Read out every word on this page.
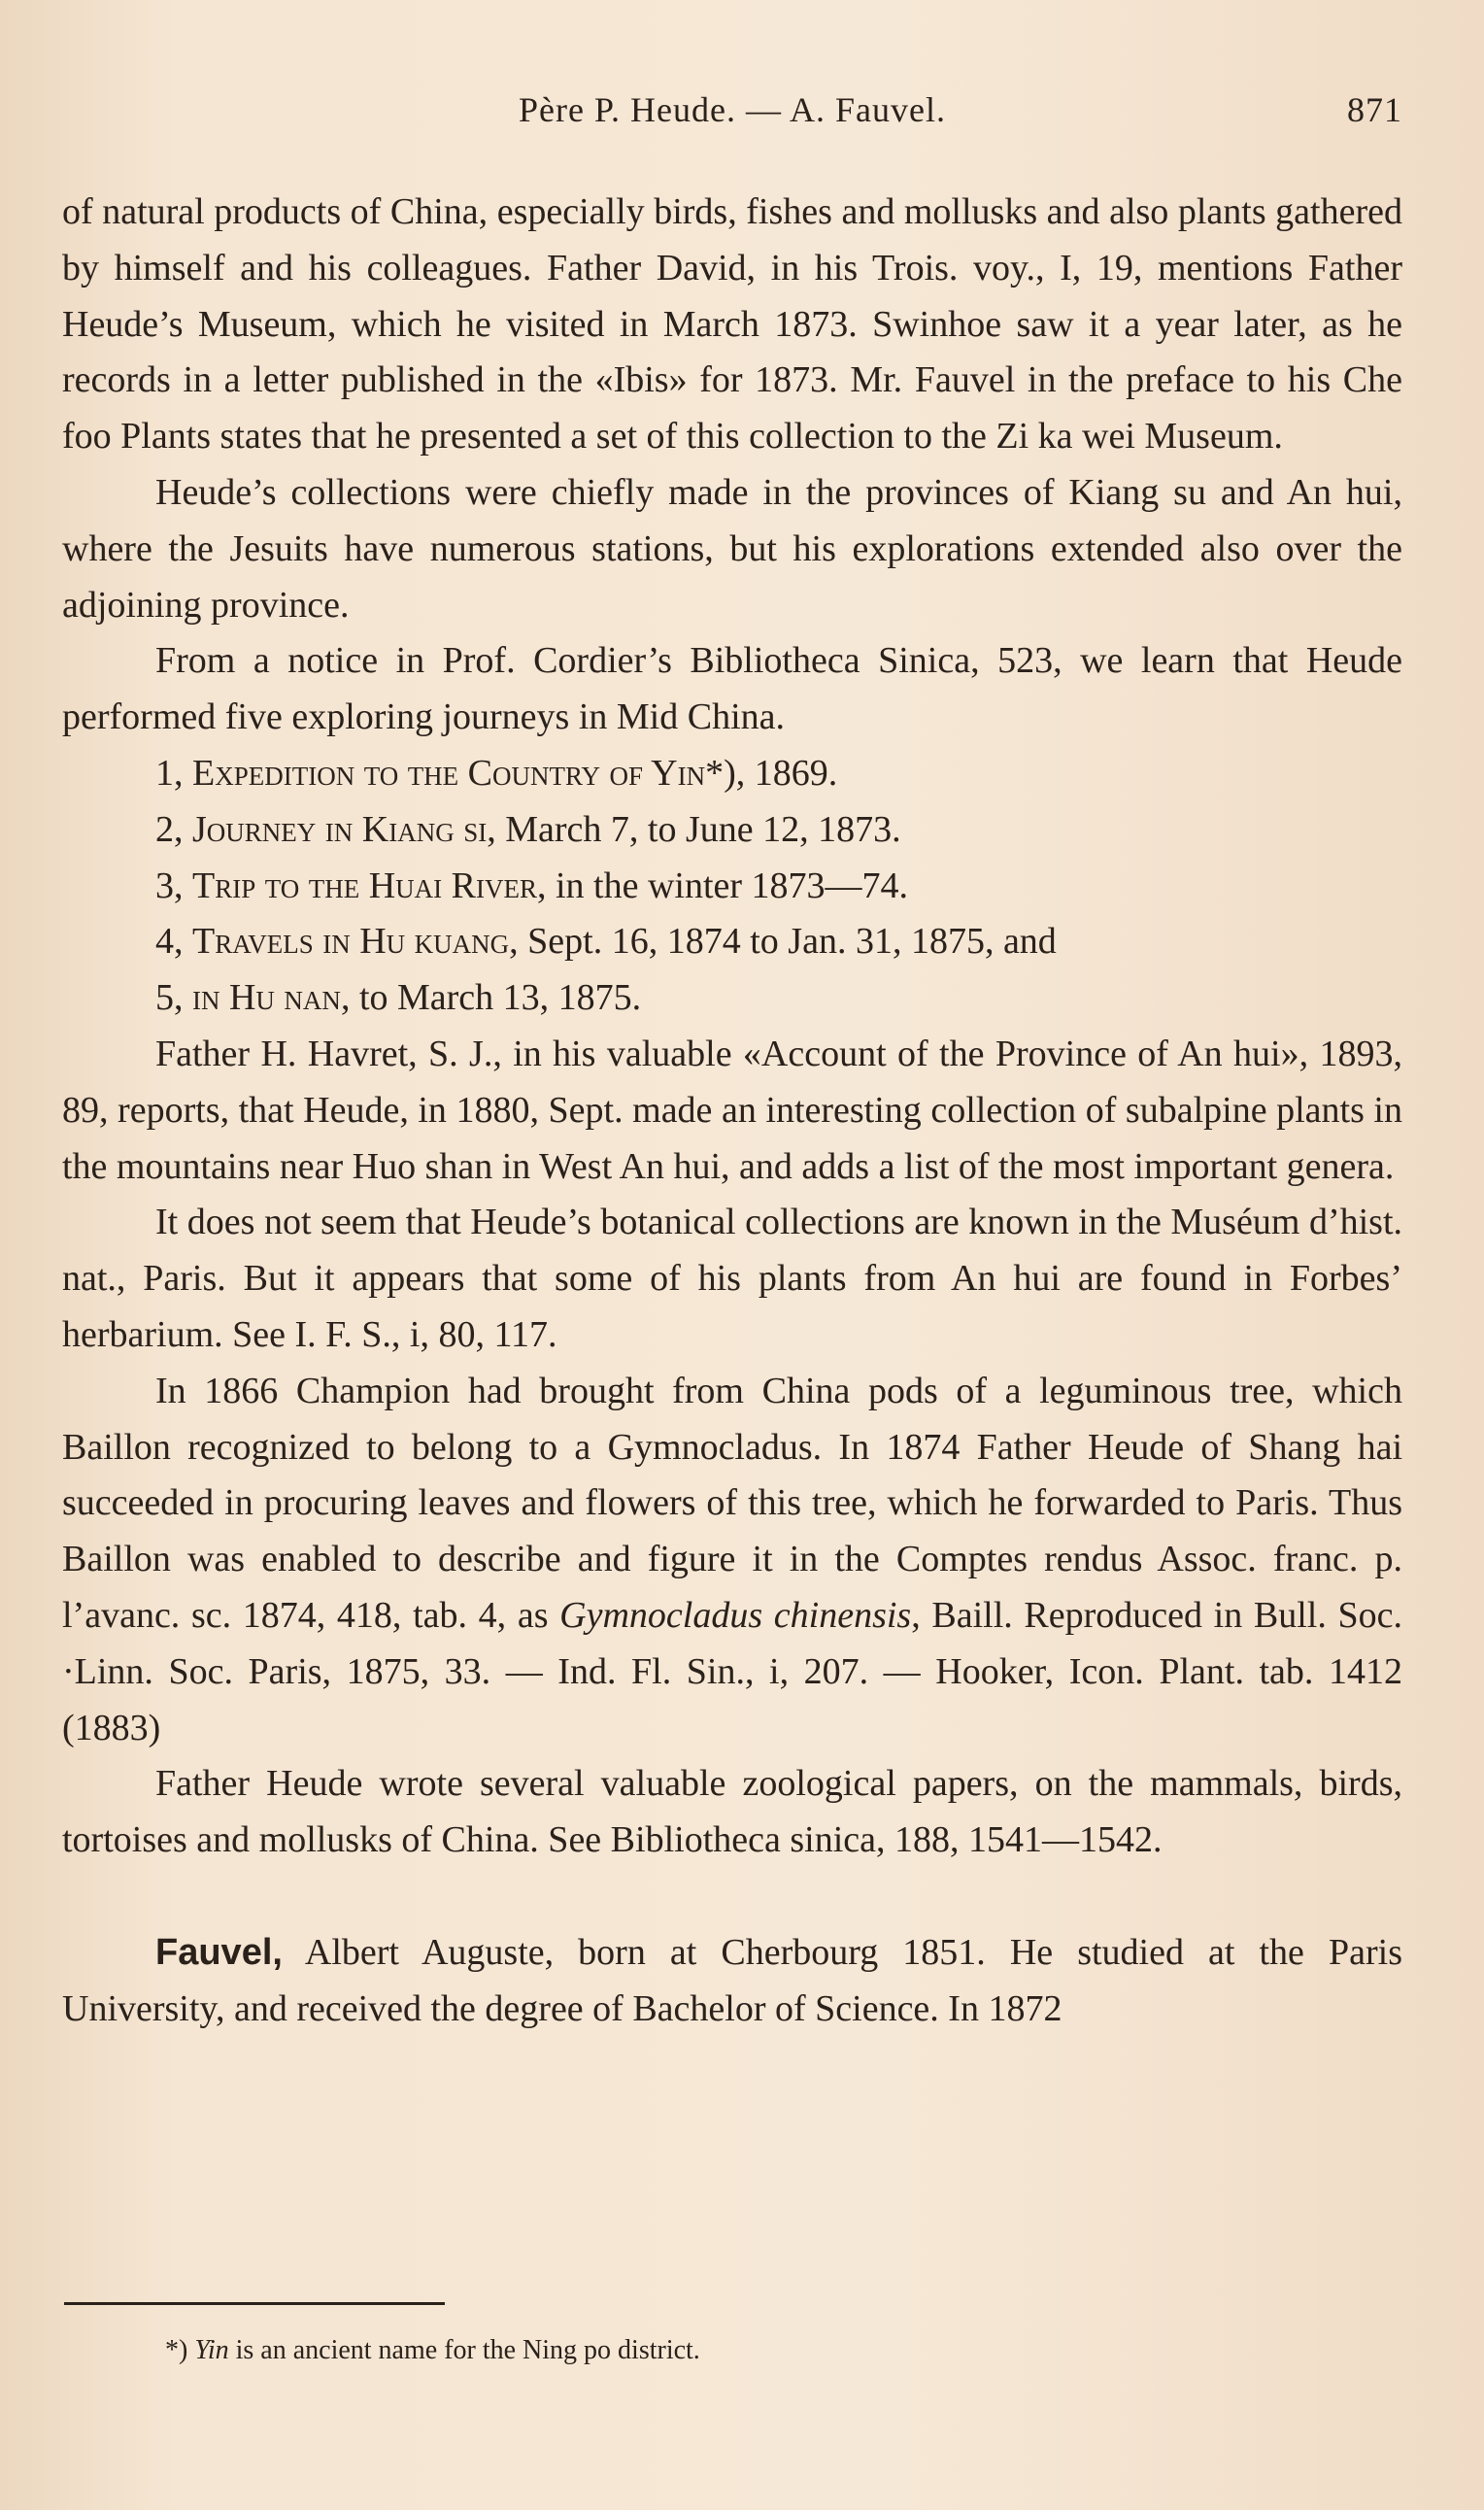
Père P. Heude. — A. Fauvel.	871

of natural products of China, especially birds, fishes and mollusks and also plants gathered by himself and his colleagues. Father David, in his Trois. voy., I, 19, mentions Father Heude’s Museum, which he visited in March 1873. Swinhoe saw it a year later, as he records in a letter published in the «Ibis» for 1873. Mr. Fauvel in the preface to his Che foo Plants states that he presented a set of this collection to the Zi ka wei Museum.

Heude’s collections were chiefly made in the provinces of Kiang su and An hui, where the Jesuits have numerous stations, but his explorations extended also over the adjoining province.

From a notice in Prof. Cordier’s Bibliotheca Sinica, 523, we learn that Heude performed five exploring journeys in Mid China.

1, Expedition to the Country of Yin*), 1869.

2, Journey in Kiang si, March 7, to June 12, 1873.

3, Trip to the Huai River, in the winter 1873—74.

4, Travels in Hu kuang, Sept. 16, 1874 to Jan. 31, 1875, and

5, in Hu nan, to March 13, 1875.

Father H. Havret, S. J., in his valuable «Account of the Province of An hui», 1893, 89, reports, that Heude, in 1880, Sept. made an interesting collection of subalpine plants in the mountains near Huo shan in West An hui, and adds a list of the most important genera.

It does not seem that Heude’s botanical collections are known in the Muséum d’hist. nat., Paris. But it appears that some of his plants from An hui are found in Forbes’ herbarium. See I. F. S., i, 80, 117.

In 1866 Champion had brought from China pods of a leguminous tree, which Baillon recognized to belong to a Gymnocladus. In 1874 Father Heude of Shang hai succeeded in procuring leaves and flowers of this tree, which he forwarded to Paris. Thus Baillon was enabled to describe and figure it in the Comptes rendus Assoc. franc. p. l’avanc. sc. 1874, 418, tab. 4, as Gymnocladus chinensis, Baill. Reproduced in Bull. Soc. ·Linn. Soc. Paris, 1875, 33. — Ind. Fl. Sin., i, 207. — Hooker, Icon. Plant. tab. 1412 (1883)

Father Heude wrote several valuable zoological papers, on the mammals, birds, tortoises and mollusks of China. See Bibliotheca sinica, 188, 1541—1542.

Fauvel, Albert Auguste, born at Cherbourg 1851. He studied at the Paris University, and received the degree of Bachelor of Science. In 1872

*) Yin is an ancient name for the Ning po district.
